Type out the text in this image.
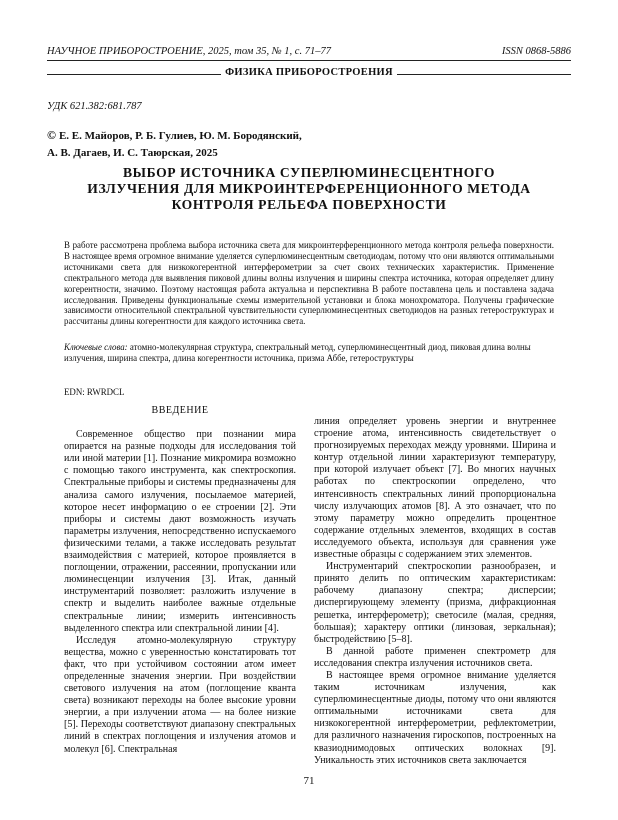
НАУЧНОЕ ПРИБОРОСТРОЕНИЕ, 2025, том 35, № 1, c. 71–77	ISSN 0868-5886
ФИЗИКА ПРИБОРОСТРОЕНИЯ
УДК 621.382:681.787
© Е. Е. Майоров, Р. Б. Гулиев, Ю. М. Бородянский,
А. В. Дагаев, И. С. Таюрская, 2025
ВЫБОР ИСТОЧНИКА СУПЕРЛЮМИНЕСЦЕНТНОГО
ИЗЛУЧЕНИЯ ДЛЯ МИКРОИНТЕРФЕРЕНЦИОННОГО МЕТОДА
КОНТРОЛЯ РЕЛЬЕФА ПОВЕРХНОСТИ
В работе рассмотрена проблема выбора источника света для микроинтерференционного метода контроля рельефа поверхности. В настоящее время огромное внимание уделяется суперлюминесцентным светодиодам, потому что они являются оптимальными источниками света для низкокогерентной интерферометрии за счет своих технических характеристик. Применение спектрального метода для выявления пиковой длины волны излучения и ширины спектра источника, которая определяет длину когерентности, значимо. Поэтому настоящая работа актуальна и перспективна В работе поставлена цель и поставлена задача исследования. Приведены функциональные схемы измерительной установки и блока монохроматора. Получены графические зависимости относительной спектральной чувствительности суперлюминесцентных светодиодов на разных гетероструктурах и рассчитаны длины когерентности для каждого источника света.
Ключевые слова: атомно-молекулярная структура, спектральный метод, суперлюминесцентный диод, пиковая длина волны излучения, ширина спектра, длина когерентности источника, призма Аббе, гетероструктуры
EDN: RWRDCL

ВВЕДЕНИЕ

Современное общество при познании мира опирается на разные подходы для исследования той или иной материи [1]. Познание микромира возможно с помощью такого инструмента, как спектроскопия. Спектральные приборы и системы предназначены для анализа самого излучения, посылаемое материей, которое несет информацию о ее строении [2]. Эти приборы и системы дают возможность изучать параметры излучения, непосредственно испускаемого физическими телами, а также исследовать результат взаимодействия с материей, которое проявляется в поглощении, отражении, рассеянии, пропускании или люминесценции излучения [3]. Итак, данный инструментарий позволяет: разложить излучение в спектр и выделить наиболее важные отдельные спектральные линии; измерить интенсивность выделенного спектра или спектральной линии [4].

Исследуя атомно-молекулярную структуру вещества, можно с уверенностью констатировать тот факт, что при устойчивом состоянии атом имеет определенные значения энергии. При воздействии светового излучения на атом (поглощение кванта света) возникают переходы на более высокие уровни энергии, а при излучении атома — на более низкие [5]. Переходы соответствуют диапазону спектральных линий в спектрах поглощения и излучения атомов и молекул [6]. Спектральная

линия определяет уровень энергии и внутреннее строение атома, интенсивность свидетельствует о прогнозируемых переходах между уровнями. Ширина и контур отдельной линии характеризуют температуру, при которой излучает объект [7]. Во многих научных работах по спектроскопии определено, что интенсивность спектральных линий пропорциональна числу излучающих атомов [8]. А это означает, что по этому параметру можно определить процентное содержание отдельных элементов, входящих в состав исследуемого объекта, используя для сравнения уже известные образцы с содержанием этих элементов.

Инструментарий спектроскопии разнообразен, и принято делить по оптическим характеристикам: рабочему диапазону спектра; дисперсии; диспергирующему элементу (призма, дифракционная решетка, интерферометр); светосиле (малая, средняя, большая); характеру оптики (линзовая, зеркальная); быстродействию [5–8].

В данной работе применен спектрометр для исследования спектра излучения источников света.

В настоящее время огромное внимание уделяется таким источникам излучения, как суперлюминесцентные диоды, потому что они являются оптимальными источниками света для низкокогерентной интерферометрии, рефлектометрии, для различного назначения гироскопов, построенных на квазиоднимодовых оптических волокнах [9]. Уникальность этих источников света заключается

71
